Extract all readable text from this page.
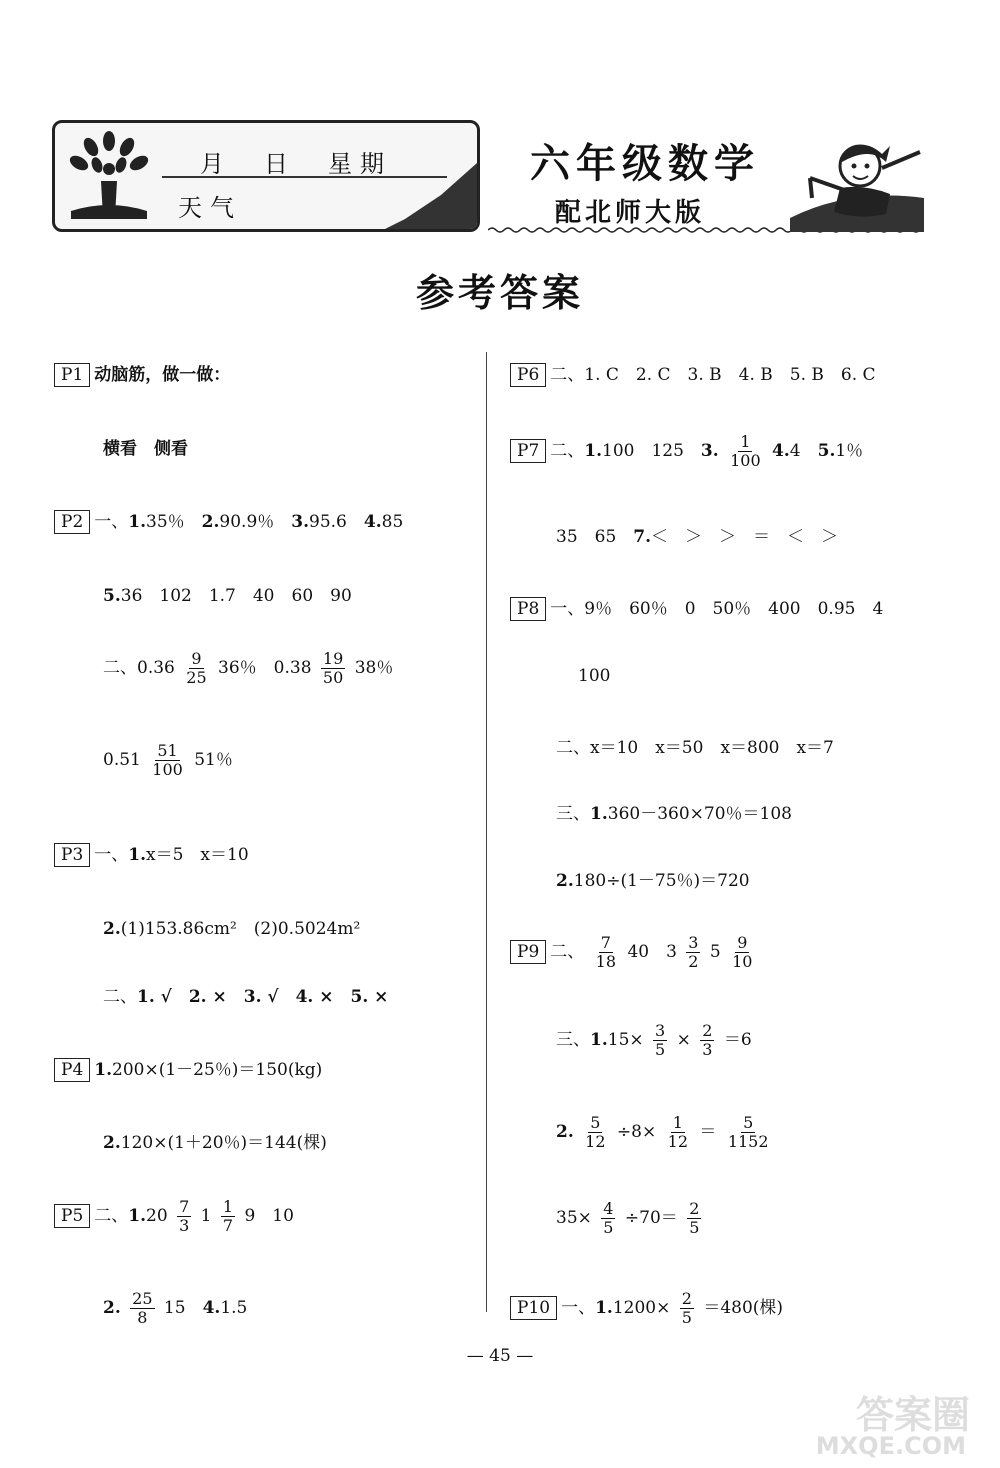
月　日　星期
天气
六年级数学
配北师大版
参考答案
P1 动脑筋，做一做：
横看　侧看
P2 一、1.35％　 2.90.9％　 3.95.6　 4.85
5.36　102　1.7　40　60　90
二、$0.36 \frac{9}{25} 36$％　$0.38 \frac{19}{50} 38$％
$0.51 \frac{51}{100} 51$％
P3 一、1.x＝5　x＝10
2.(1)153.86cm²　(2)0.5024m²
二、1. √　2. ×　3. √　4. ×　5. ×
P4 1.200×(1－25％)＝150(kg)
2.120×(1＋20％)＝144(棵)
P5 二、$1.20 \frac{7}{3} 1 \frac{1}{7} 9$　10
2. $\frac{25}{8} 15$　 4.1.5
P6 二、1. C　2. C　3. B　4. B　5. B　6. C
P7 二、1.100　125　 3. $\frac{1}{100} 4.4$　 5.1％
35　65　 7.＜　＞　＞　＝　＜　＞
P8 一、9％　60％　0　50％　400　0.95　4
100
二、x＝10　x＝50　x＝800　x＝7
三、1.360－360×70％＝108
2.180÷(1－75％)＝720
P9 二、 $\frac{7}{18} 40$　$3 \frac{3}{2} 5 \frac{9}{10}$
三、$1.15\times \frac{3}{5} \times \frac{2}{3} =6$
2. $\frac{5}{12} \div 8\times \frac{1}{12} = \frac{5}{1152}$
$35\times \frac{4}{5} \div 70= \frac{2}{5}$
P10 一、$1.1200\times \frac{2}{5} =480$(棵)
— 45 —
答案圈
MXQE.COM
